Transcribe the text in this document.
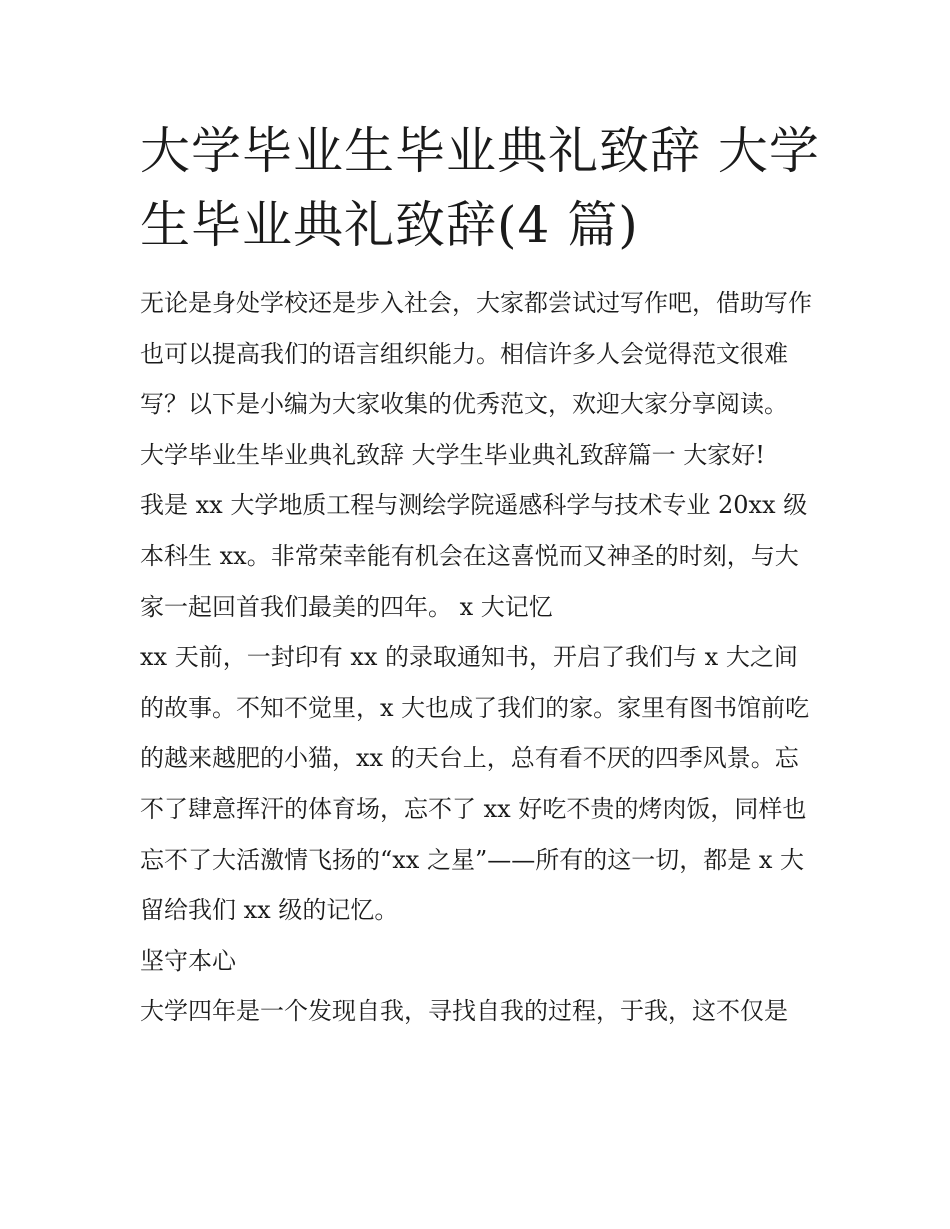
大学毕业生毕业典礼致辞 大学生毕业典礼致辞(4 篇)

无论是身处学校还是步入社会，大家都尝试过写作吧，借助写作也可以提高我们的语言组织能力。相信许多人会觉得范文很难写？以下是小编为大家收集的优秀范文，欢迎大家分享阅读。

大学毕业生毕业典礼致辞 大学生毕业典礼致辞篇一 大家好!

我是 xx 大学地质工程与测绘学院遥感科学与技术专业 20xx 级本科生 xx。非常荣幸能有机会在这喜悦而又神圣的时刻，与大家一起回首我们最美的四年。 x 大记忆

xx 天前，一封印有 xx 的录取通知书，开启了我们与 x 大之间的故事。不知不觉里，x 大也成了我们的家。家里有图书馆前吃的越来越肥的小猫，xx 的天台上，总有看不厌的四季风景。忘不了肆意挥汗的体育场，忘不了 xx 好吃不贵的烤肉饭，同样也忘不了大活激情飞扬的“xx 之星”——所有的这一切，都是 x 大留给我们 xx 级的记忆。

坚守本心

大学四年是一个发现自我，寻找自我的过程，于我，这不仅是
